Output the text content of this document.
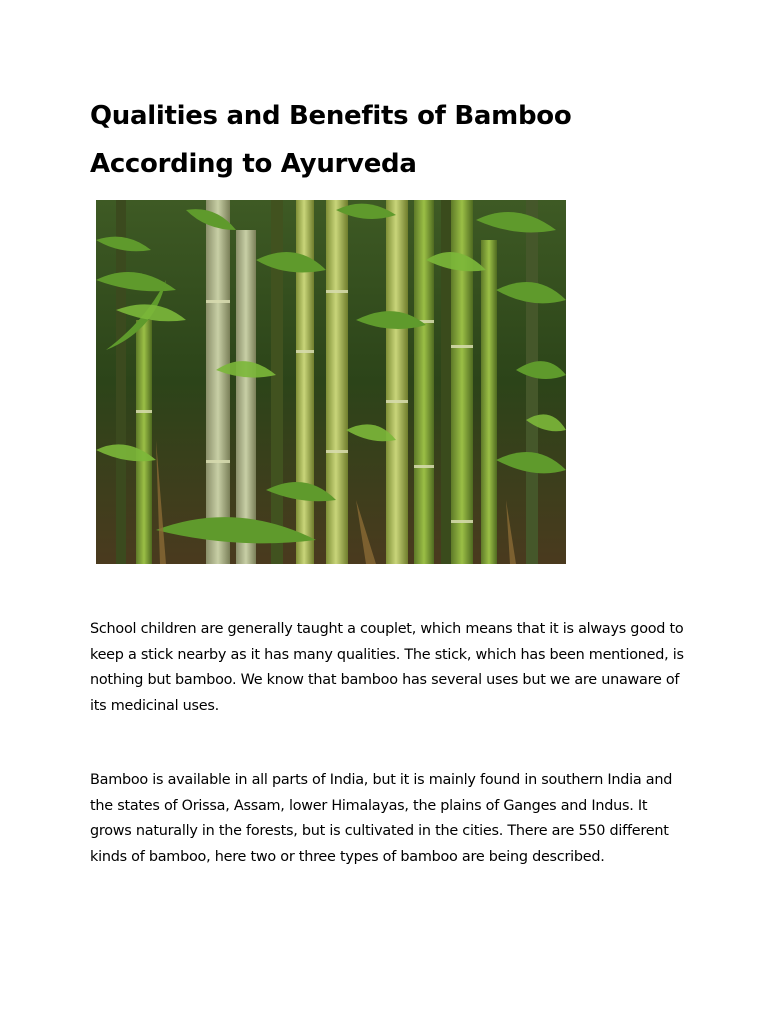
Qualities and Benefits of Bamboo According to Ayurveda

School children are generally taught a couplet, which means that it is always good to keep a stick nearby as it has many qualities. The stick, which has been mentioned, is nothing but bamboo. We know that bamboo has several uses but we are unaware of its medicinal uses.

Bamboo is available in all parts of India, but it is mainly found in southern India and the states of Orissa, Assam, lower Himalayas, the plains of Ganges and Indus. It grows naturally in the forests, but is cultivated in the cities. There are 550 different kinds of bamboo, here two or three types of bamboo are being described.
